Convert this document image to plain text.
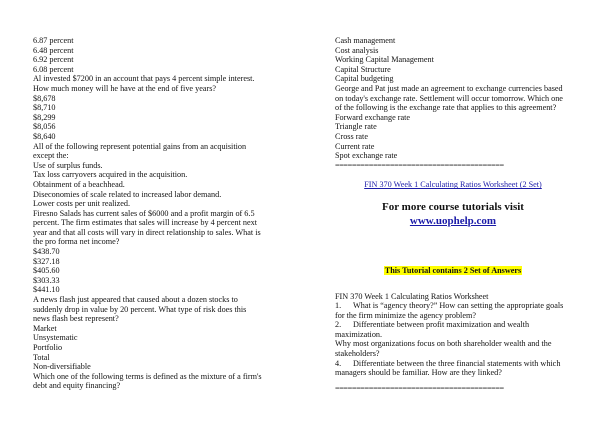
6.87 percent
6.48 percent
6.92 percent
6.08 percent
Al invested $7200 in an account that pays 4 percent simple interest.
How much money will he have at the end of five years?
$8,678
$8,710
$8,299
$8,056
$8,640
All of the following represent potential gains from an acquisition
except the:
Use of surplus funds.
Tax loss carryovers acquired in the acquisition.
Obtainment of a beachhead.
Diseconomies of scale related to increased labor demand.
Lower costs per unit realized.
Firesno Salads has current sales of $6000 and a profit margin of 6.5
percent. The firm estimates that sales will increase by 4 percent next
year and that all costs will vary in direct relationship to sales. What is
the pro forma net income?
$438.70
$327.18
$405.60
$303.33
$441.10
A news flash just appeared that caused about a dozen stocks to
suddenly drop in value by 20 percent. What type of risk does this
news flash best represent?
Market
Unsystematic
Portfolio
Total
Non-diversifiable
Which one of the following terms is defined as the mixture of a firm's
debt and equity financing?
Cash management
Cost analysis
Working Capital Management
Capital Structure
Capital budgeting
George and Pat just made an agreement to exchange currencies based
on today's exchange rate. Settlement will occur tomorrow. Which one
of the following is the exchange rate that applies to this agreement?
Forward exchange rate
Triangle rate
Cross rate
Current rate
Spot exchange rate
========================================
FIN 370 Week 1 Calculating Ratios Worksheet (2 Set)
For more course tutorials visit
www.uophelp.com
This Tutorial contains 2 Set of Answers
FIN 370 Week 1 Calculating Ratios Worksheet
1. What is “agency theory?” How can setting the appropriate goals
for the firm minimize the agency problem?
2. Differentiate between profit maximization and wealth
maximization.
Why most organizations focus on both shareholder wealth and the
stakeholders?
4. Differentiate between the three financial statements with which
managers should be familiar. How are they linked?
========================================
